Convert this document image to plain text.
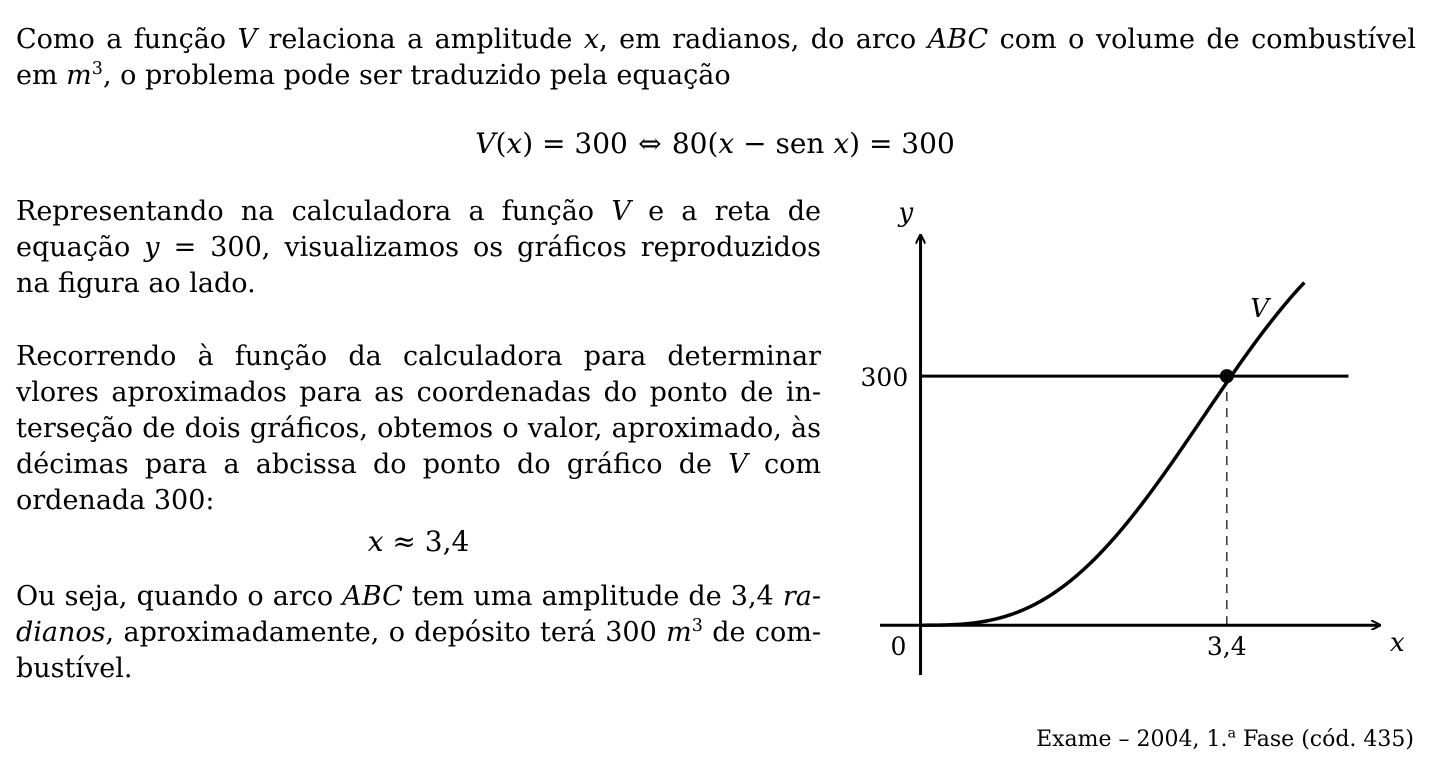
Como a função V relaciona a amplitude x, em radianos, do arco ABC com o volume de combustível em $m^3$, o problema pode ser traduzido pela equação
V(x) = 300 ⇔ 80(x − sen x) = 300
Representando na calculadora a função V e a reta de equação y = 300, visualizamos os gráficos reproduzidos na figura ao lado.
Recorrendo à função da calculadora para determinar vlores aproximados para as coordenadas do ponto de interseção de dois gráficos, obtemos o valor, aproximado, às décimas para a abcissa do ponto do gráfico de V com ordenada 300:
x ≈ 3,4
Ou seja, quando o arco ABC tem uma amplitude de 3,4 radianos, aproximadamente, o depósito terá 300 $m^3$ de combustível.
Exame – 2004, 1.$^a$ Fase (cód. 435)
y
x
V
0
300
3,4
